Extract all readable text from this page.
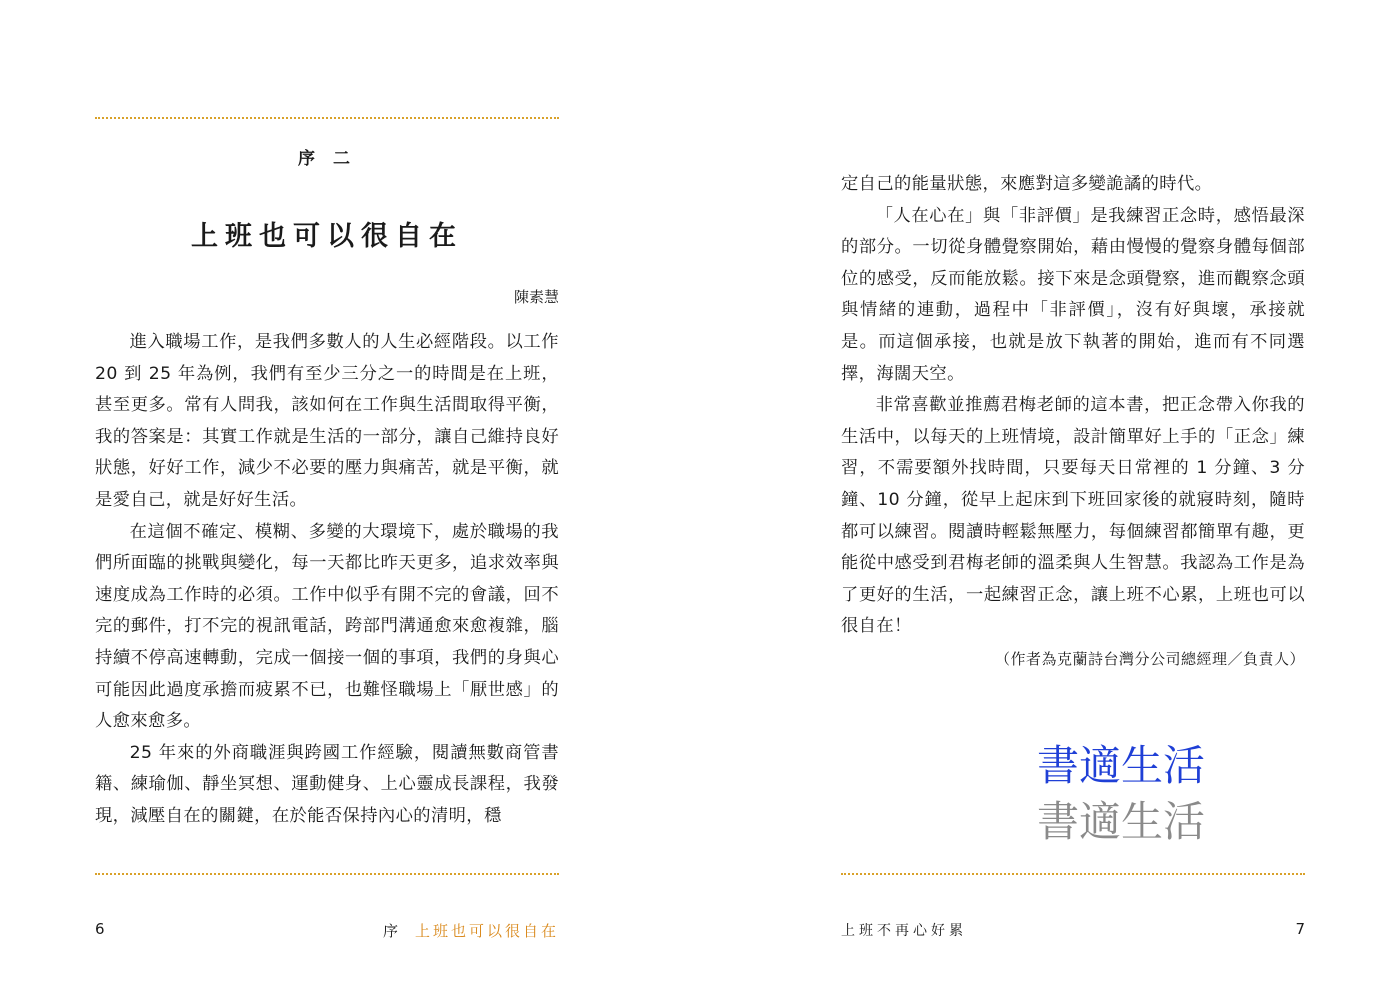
序 二
上班也可以很自在
陳素慧

進入職場工作，是我們多數人的人生必經階段。以工作 20 到 25 年為例，我們有至少三分之一的時間是在上班，甚至更多。常有人問我，該如何在工作與生活間取得平衡，我的答案是：其實工作就是生活的一部分，讓自己維持良好狀態，好好工作，減少不必要的壓力與痛苦，就是平衡，就是愛自己，就是好好生活。

在這個不確定、模糊、多變的大環境下，處於職場的我們所面臨的挑戰與變化，每一天都比昨天更多，追求效率與速度成為工作時的必須。工作中似乎有開不完的會議，回不完的郵件，打不完的視訊電話，跨部門溝通愈來愈複雜，腦持續不停高速轉動，完成一個接一個的事項，我們的身與心可能因此過度承擔而疲累不已，也難怪職場上「厭世感」的人愈來愈多。

25 年來的外商職涯與跨國工作經驗，閱讀無數商管書籍、練瑜伽、靜坐冥想、運動健身、上心靈成長課程，我發現，減壓自在的關鍵，在於能否保持內心的清明，穩

6	序 上班也可以很自在

定自己的能量狀態，來應對這多變詭譎的時代。

「人在心在」與「非評價」是我練習正念時，感悟最深的部分。一切從身體覺察開始，藉由慢慢的覺察身體每個部位的感受，反而能放鬆。接下來是念頭覺察，進而觀察念頭與情緒的連動，過程中「非評價」，沒有好與壞，承接就是。而這個承接，也就是放下執著的開始，進而有不同選擇，海闊天空。

非常喜歡並推薦君梅老師的這本書，把正念帶入你我的生活中，以每天的上班情境，設計簡單好上手的「正念」練習，不需要額外找時間，只要每天日常裡的 1 分鐘、3 分鐘、10 分鐘，從早上起床到下班回家後的就寢時刻，隨時都可以練習。閱讀時輕鬆無壓力，每個練習都簡單有趣，更能從中感受到君梅老師的溫柔與人生智慧。我認為工作是為了更好的生活，一起練習正念，讓上班不心累，上班也可以很自在！

（作者為克蘭詩台灣分公司總經理／負責人）
書適生活
書適生活
上班不再心好累	7
